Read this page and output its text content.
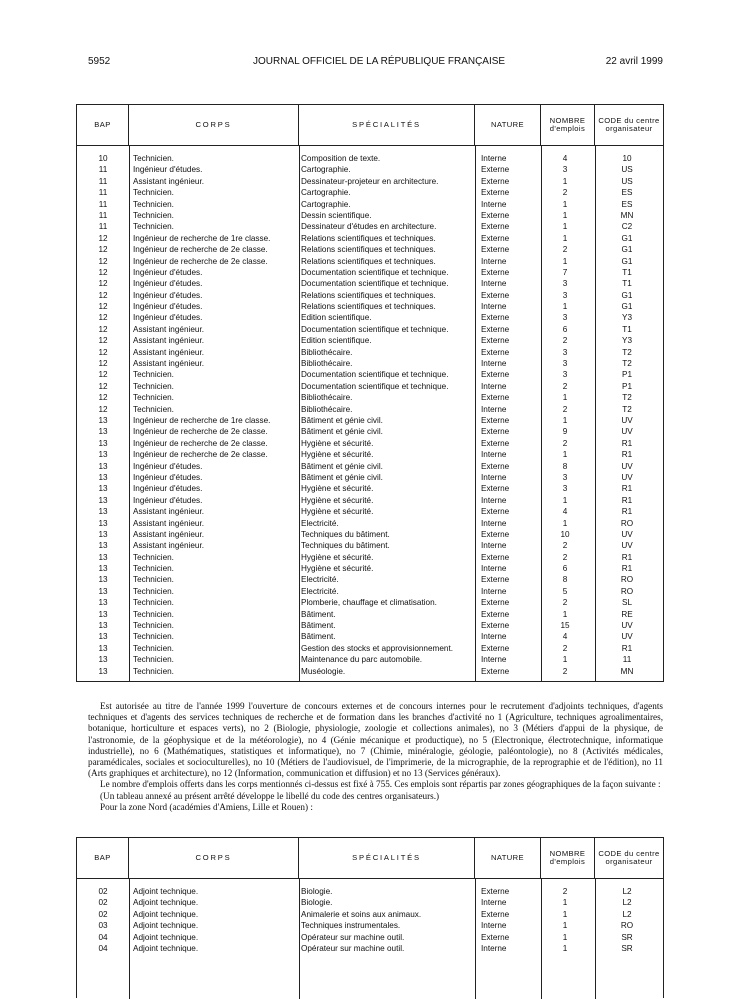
5952	JOURNAL OFFICIEL DE LA RÉPUBLIQUE FRANÇAISE	22 avril 1999
BAP	CORPS	SPÉCIALITÉS	NATURE	NOMBRE d'emplois
CODE du centre organisateur
10	Technicien.	Composition de texte.	Interne	4	10
11	Ingénieur d'études.	Cartographie.	Externe	3	US
11	Assistant ingénieur.	Dessinateur-projeteur en architecture.	Externe	1	US
11	Technicien.	Cartographie.	Externe	2	ES
11	Technicien.	Cartographie.	Interne	1	ES
11	Technicien.	Dessin scientifique.	Externe	1	MN
11	Technicien.	Dessinateur d'études en architecture.	Externe	1	C2
12	Ingénieur de recherche de 1re classe.	Relations scientifiques et techniques.	Externe	1	G1
12	Ingénieur de recherche de 2e classe.	Relations scientifiques et techniques.	Externe	2	G1
12	Ingénieur de recherche de 2e classe.	Relations scientifiques et techniques.	Interne	1	G1
12	Ingénieur d'études.	Documentation scientifique et technique.	Externe	7	T1
12	Ingénieur d'études.	Documentation scientifique et technique.	Interne	3	T1
12	Ingénieur d'études.	Relations scientifiques et techniques.	Externe	3	G1
12	Ingénieur d'études.	Relations scientifiques et techniques.	Interne	1	G1
12	Ingénieur d'études.	Edition scientifique.	Externe	3	Y3
12	Assistant ingénieur.	Documentation scientifique et technique.	Externe	6	T1
12	Assistant ingénieur.	Edition scientifique.	Externe	2	Y3
12	Assistant ingénieur.	Bibliothécaire.	Externe	3	T2
12	Assistant ingénieur.	Bibliothécaire.	Interne	3	T2
12	Technicien.	Documentation scientifique et technique.	Externe	3	P1
12	Technicien.	Documentation scientifique et technique.	Interne	2	P1
12	Technicien.	Bibliothécaire.	Externe	1	T2
12	Technicien.	Bibliothécaire.	Interne	2	T2
13	Ingénieur de recherche de 1re classe.	Bâtiment et génie civil.	Externe	1	UV
13	Ingénieur de recherche de 2e classe.	Bâtiment et génie civil.	Externe	9	UV
13	Ingénieur de recherche de 2e classe.	Hygiène et sécurité.	Externe	2	R1
13	Ingénieur de recherche de 2e classe.	Hygiène et sécurité.	Interne	1	R1
13	Ingénieur d'études.	Bâtiment et génie civil.	Externe	8	UV
13	Ingénieur d'études.	Bâtiment et génie civil.	Interne	3	UV
13	Ingénieur d'études.	Hygiène et sécurité.	Externe	3	R1
13	Ingénieur d'études.	Hygiène et sécurité.	Interne	1	R1
13	Assistant ingénieur.	Hygiène et sécurité.	Externe	4	R1
13	Assistant ingénieur.	Electricité.	Interne	1	RO
13	Assistant ingénieur.	Techniques du bâtiment.	Externe	10	UV
13	Assistant ingénieur.	Techniques du bâtiment.	Interne	2	UV
13	Technicien.	Hygiène et sécurité.	Externe	2	R1
13	Technicien.	Hygiène et sécurité.	Interne	6	R1
13	Technicien.	Electricité.	Externe	8	RO
13	Technicien.	Electricité.	Interne	5	RO
13	Technicien.	Plomberie, chauffage et climatisation.	Externe	2	SL
13	Technicien.	Bâtiment.	Externe	1	RE
13	Technicien.	Bâtiment.	Externe	15	UV
13	Technicien.	Bâtiment.	Interne	4	UV
13	Technicien.	Gestion des stocks et approvisionnement.	Externe	2	R1
13	Technicien.	Maintenance du parc automobile.	Interne	1	11
13	Technicien.	Muséologie.	Externe	2	MN

Est autorisée au titre de l'année 1999 l'ouverture de concours externes et de concours internes pour le recrutement d'adjoints techniques, d'agents techniques et d'agents des services techniques de recherche et de formation dans les branches d'activité no 1 (Agriculture, techniques agroalimentaires, botanique, horticulture et espaces verts), no 2 (Biologie, physiologie, zoologie et collections animales), no 3 (Métiers d'appui de la physique, de l'astronomie, de la géophysique et de la météorologie), no 4 (Génie mécanique et productique), no 5 (Electronique, électrotechnique, informatique industrielle), no 6 (Mathématiques, statistiques et informatique), no 7 (Chimie, minéralogie, géologie, paléontologie), no 8 (Activités médicales, paramédicales, sociales et socioculturelles), no 10 (Métiers de l'audiovisuel, de l'imprimerie, de la micrographie, de la reprographie et de l'édition), no 11 (Arts graphiques et architecture), no 12 (Information, communication et diffusion) et no 13 (Services généraux).

Le nombre d'emplois offerts dans les corps mentionnés ci-dessus est fixé à 755. Ces emplois sont répartis par zones géographiques de la façon suivante :

(Un tableau annexé au présent arrêté développe le libellé du code des centres organisateurs.)

Pour la zone Nord (académies d'Amiens, Lille et Rouen) :

BAP	CORPS	SPÉCIALITÉS	NATURE	NOMBRE d'emplois
CODE du centre organisateur
02	Adjoint technique.	Biologie.	Externe	2	L2
02	Adjoint technique.	Biologie.	Interne	1	L2
02	Adjoint technique.	Animalerie et soins aux animaux.	Externe	1	L2
03	Adjoint technique.	Techniques instrumentales.	Interne	1	RO
04	Adjoint technique.	Opérateur sur machine outil.	Externe	1	SR
04	Adjoint technique.	Opérateur sur machine outil.	Interne	1	SR
